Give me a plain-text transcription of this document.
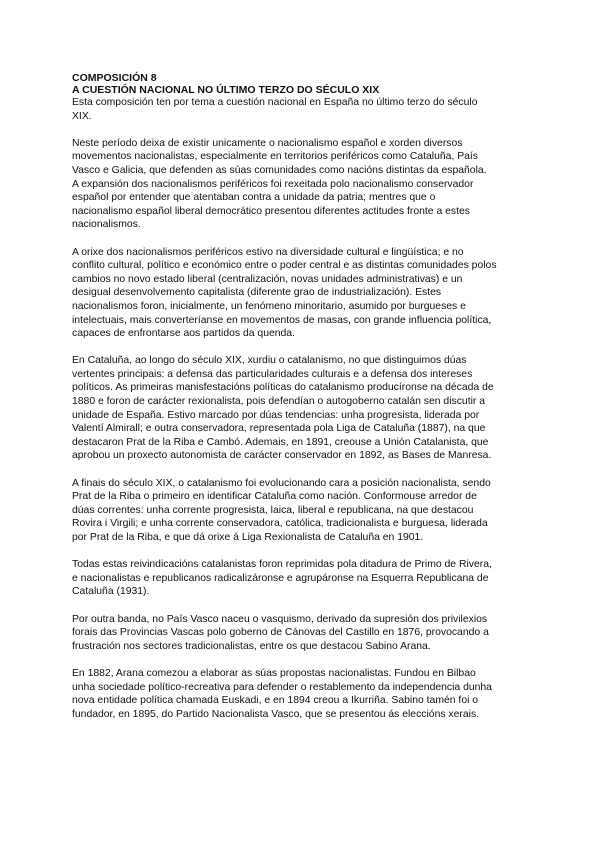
COMPOSICIÓN 8

A CUESTIÓN NACIONAL NO ÚLTIMO TERZO DO SÉCULO XIX

Esta composición ten por tema a cuestión nacional en España no último terzo do século
XIX.

Neste período deixa de existir unicamente o nacionalismo español e xorden diversos
movementos nacionalistas, especialmente en territorios periféricos como Cataluña, País
Vasco e Galicia, que defenden as súas comunidades como nacións distintas da española.
A expansión dos nacionalismos periféricos foi rexeitada polo nacionalismo conservador
español por entender que atentaban contra a unidade da patria; mentres que o
nacionalismo español liberal democrático presentou diferentes actitudes fronte a estes
nacionalismos.

A orixe dos nacionalismos periféricos estivo na diversidade cultural e lingüística; e no
conflito cultural, político e económico entre o poder central e as distintas comunidades polos
cambios no novo estado liberal (centralización, novas unidades administrativas) e un
desigual desenvolvemento capitalista (diferente grao de industrialización). Estes
nacionalismos foron, inicialmente, un fenómeno minoritario, asumido por burgueses e
intelectuais, mais converteríanse en movementos de masas, con grande influencia política,
capaces de enfrontarse aos partidos da quenda.

En Cataluña, ao longo do século XIX, xurdiu o catalanismo, no que distinguimos dúas
vertentes principais: a defensa das particularidades culturais e a defensa dos intereses
políticos. As primeiras manisfestacións políticas do catalanismo producíronse na década de
1880 e foron de carácter rexionalista, pois defendían o autogoberno catalán sen discutir a
unidade de España. Estivo marcado por dúas tendencias: unha progresista, liderada por
Valentí Almirall; e outra conservadora, representada pola Liga de Cataluña (1887), na que
destacaron Prat de la Riba e Cambó. Ademais, en 1891, creouse a Unión Catalanista, que
aprobou un proxecto autonomista de carácter conservador en 1892, as Bases de Manresa.

A finais do século XIX, o catalanismo foi evolucionando cara a posición nacionalista, sendo
Prat de la Riba o primeiro en identificar Cataluña como nación. Conformouse arredor de
dúas correntes: unha corrente progresista, laica, liberal e republicana, na que destacou
Rovira i Virgili; e unha corrente conservadora, católica, tradicionalista e burguesa, liderada
por Prat de la Riba, e que dá orixe á Liga Rexionalista de Cataluña en 1901.

Todas estas reivindicacións catalanistas foron reprimidas pola ditadura de Primo de Rivera,
e nacionalistas e republicanos radicalizáronse e agrupáronse na Esquerra Republicana de
Cataluña (1931).

Por outra banda, no País Vasco naceu o vasquismo, derivado da supresión dos privilexios
forais das Provincias Vascas polo goberno de Cánovas del Castillo en 1876, provocando a
frustración nos sectores tradicionalistas, entre os que destacou Sabino Arana.

En 1882, Arana comezou a elaborar as súas propostas nacionalistas. Fundou en Bilbao
unha sociedade político-recreativa para defender o restablemento da independencia dunha
nova entidade política chamada Euskadi, e en 1894 creou a Ikurriña. Sabino tamén foi o
fundador, en 1895, do Partido Nacionalista Vasco, que se presentou ás eleccións xerais.
